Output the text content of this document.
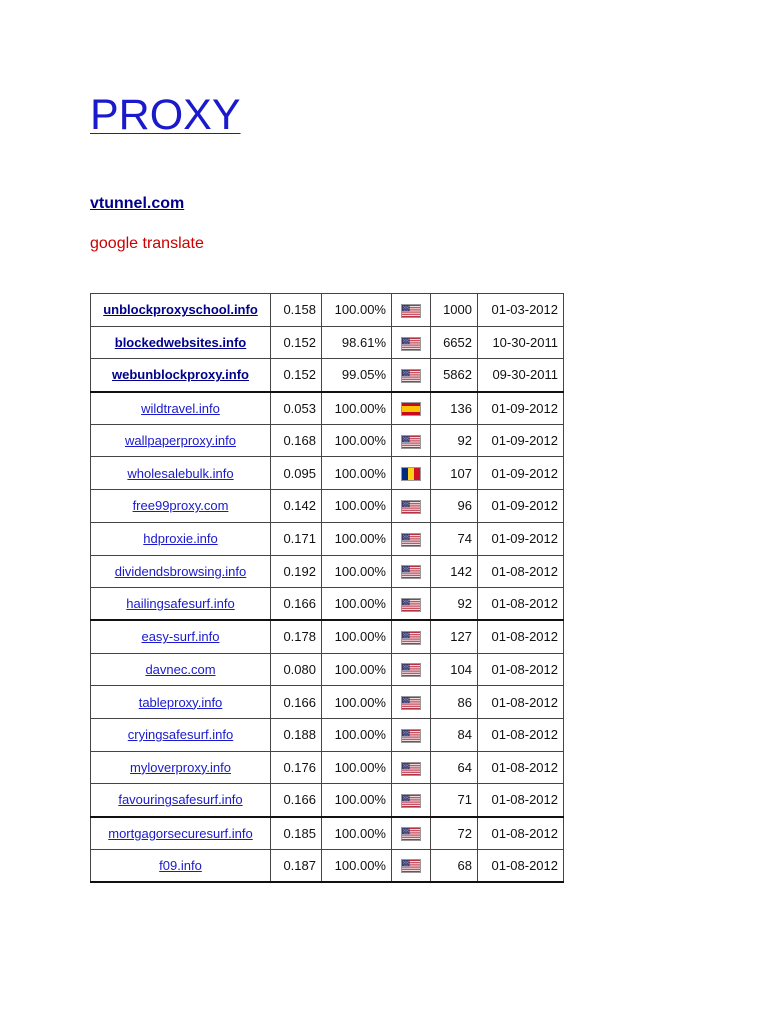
PROXY
vtunnel.com
google translate
unblockproxyschool.info	0.158	100.00%		1000	01-03-2012
blockedwebsites.info	0.152	98.61%		6652	10-30-2011
webunblockproxy.info	0.152	99.05%		5862	09-30-2011
wildtravel.info	0.053	100.00%		136	01-09-2012
wallpaperproxy.info	0.168	100.00%		92	01-09-2012
wholesalebulk.info	0.095	100.00%		107	01-09-2012
free99proxy.com	0.142	100.00%		96	01-09-2012
hdproxie.info	0.171	100.00%		74	01-09-2012
dividendsbrowsing.info	0.192	100.00%		142	01-08-2012
hailingsafesurf.info	0.166	100.00%		92	01-08-2012
easy-surf.info	0.178	100.00%		127	01-08-2012
davnec.com	0.080	100.00%		104	01-08-2012
tableproxy.info	0.166	100.00%		86	01-08-2012
cryingsafesurf.info	0.188	100.00%		84	01-08-2012
myloverproxy.info	0.176	100.00%		64	01-08-2012
favouringsafesurf.info	0.166	100.00%		71	01-08-2012
mortgagorsecuresurf.info	0.185	100.00%		72	01-08-2012
f09.info	0.187	100.00%		68	01-08-2012
